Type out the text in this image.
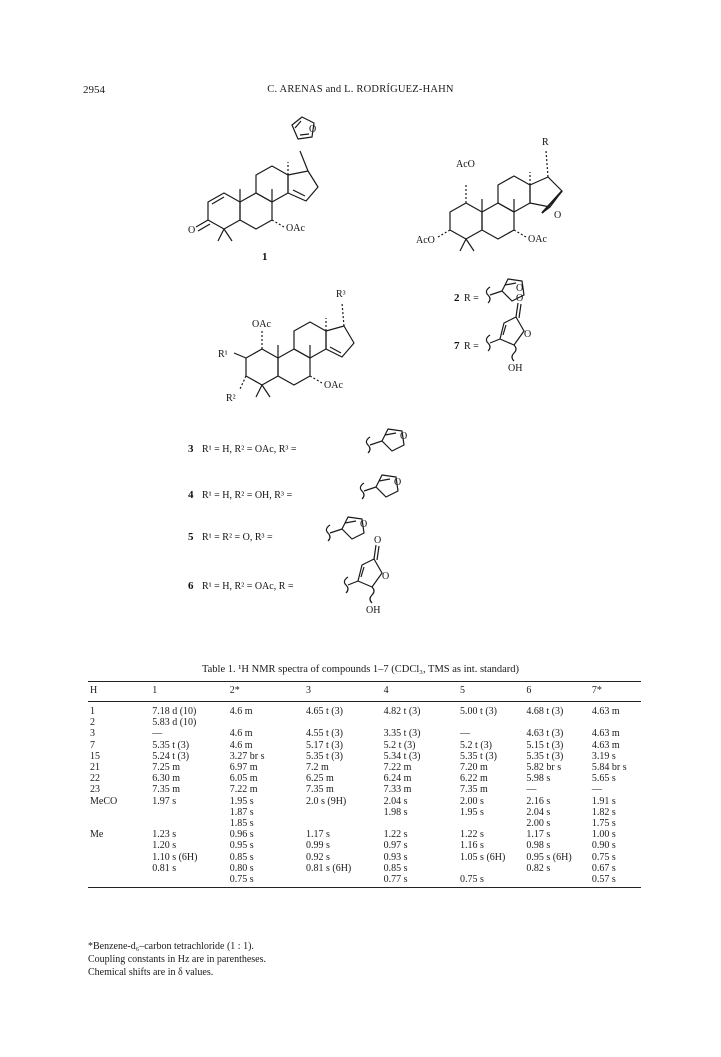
2954	C. ARENAS and L. RODRÍGUEZ-HAHN
O
O	OAc
1
AcO
R
AcO	OAc
O
2 R =
O
7 R =
O
O
OH
OAc
R³
R¹
R²
OAc
3 R¹ = H, R² = OAc, R³ =
O
4 R¹ = H, R² = OH, R³ =
O
5 R¹ = R² = O, R³ =
O
6 R¹ = H, R² = OAc, R =
O
O
OH
Table 1. ¹H NMR spectra of compounds 1–7 (CDCl₃, TMS as int. standard)
H	1	2*	3	4	5	6	7*
1	7.18 d (10)	4.6 m	4.65 t (3)	4.82 t (3)	5.00 t (3)	4.68 t (3)	4.63 m
2	5.83 d (10)						
3	—	4.6 m	4.55 t (3)	3.35 t (3)	—	4.63 t (3)	4.63 m
7	5.35 t (3)	4.6 m	5.17 t (3)	5.2 t (3)	5.2 t (3)	5.15 t (3)	4.63 m
15	5.24 t (3)	3.27 br s	5.35 t (3)	5.34 t (3)	5.35 t (3)	5.35 t (3)	3.19 s
21	7.25 m	6.97 m	7.2 m	7.22 m	7.20 m	5.82 br s	5.84 br s
22	6.30 m	6.05 m	6.25 m	6.24 m	6.22 m	5.98 s	5.65 s
23	7.35 m	7.22 m	7.35 m	7.33 m	7.35 m	—	—
MeCO	1.97 s	1.95 s	2.0 s (9H)	2.04 s	2.00 s	2.16 s	1.91 s
		1.87 s		1.98 s	1.95 s	2.04 s	1.82 s
		1.85 s				2.00 s	1.75 s
Me	1.23 s	0.96 s	1.17 s	1.22 s	1.22 s	1.17 s	1.00 s
	1.20 s	0.95 s	0.99 s	0.97 s	1.16 s	0.98 s	0.90 s
	1.10 s (6H)	0.85 s	0.92 s	0.93 s	1.05 s (6H)	0.95 s (6H)	0.75 s
	0.81 s	0.80 s	0.81 s (6H)	0.85 s		0.82 s	0.67 s
		0.75 s		0.77 s	0.75 s		0.57 s
*Benzene-d₆–carbon tetrachloride (1 : 1).
Coupling constants in Hz are in parentheses.
Chemical shifts are in δ values.
